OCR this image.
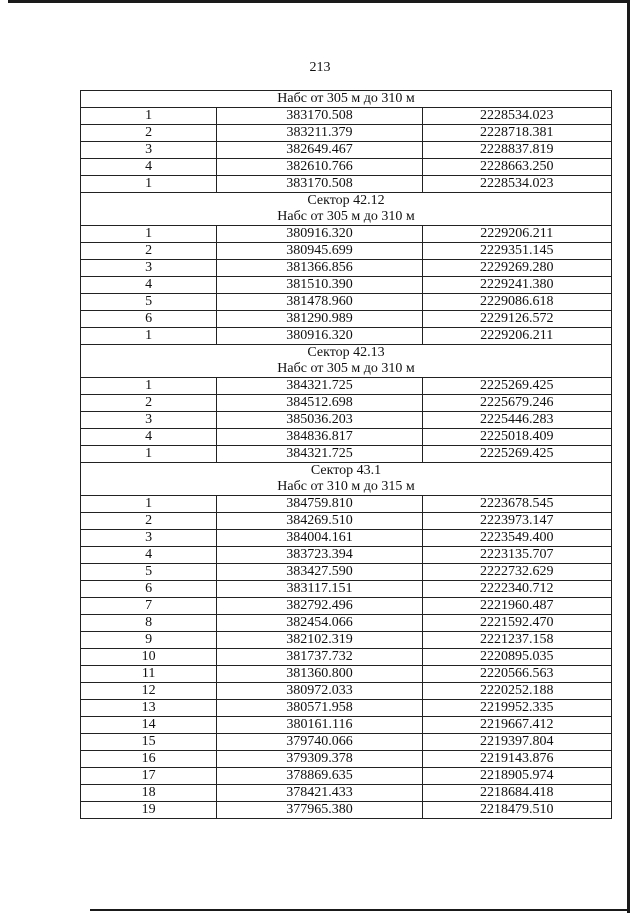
213
Набс от 305 м до 310 м		

1	383170.508	2228534.023
2	383211.379	2228718.381
3	382649.467	2228837.819
4	382610.766	2228663.250
1	383170.508	2228534.023

Сектор 42.12
Набс от 305 м до 310 м		

1	380916.320	2229206.211
2	380945.699	2229351.145
3	381366.856	2229269.280
4	381510.390	2229241.380
5	381478.960	2229086.618
6	381290.989	2229126.572
1	380916.320	2229206.211

Сектор 42.13
Набс от 305 м до 310 м		

1	384321.725	2225269.425
2	384512.698	2225679.246
3	385036.203	2225446.283
4	384836.817	2225018.409
1	384321.725	2225269.425

Сектор 43.1
Набс от 310 м до 315 м		

1	384759.810	2223678.545
2	384269.510	2223973.147
3	384004.161	2223549.400
4	383723.394	2223135.707
5	383427.590	2222732.629
6	383117.151	2222340.712
7	382792.496	2221960.487
8	382454.066	2221592.470
9	382102.319	2221237.158
10	381737.732	2220895.035
11	381360.800	2220566.563
12	380972.033	2220252.188
13	380571.958	2219952.335
14	380161.116	2219667.412
15	379740.066	2219397.804
16	379309.378	2219143.876
17	378869.635	2218905.974
18	378421.433	2218684.418
19	377965.380	2218479.510
